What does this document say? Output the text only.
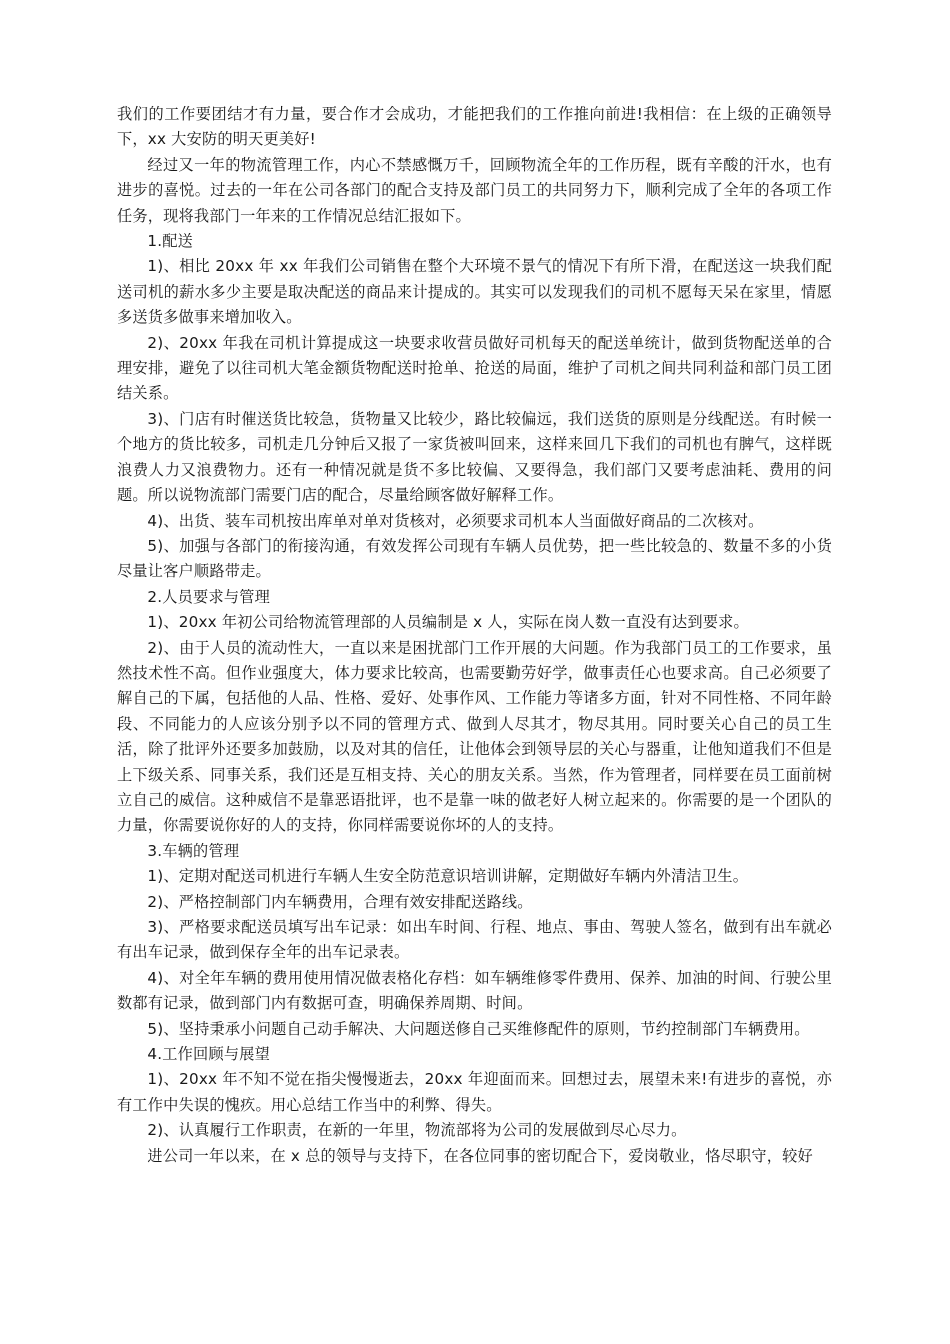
我们的工作要团结才有力量，要合作才会成功，才能把我们的工作推向前进!我相信：在上级的正确领导下，xx 大安防的明天更美好!

经过又一年的物流管理工作，内心不禁感慨万千，回顾物流全年的工作历程，既有辛酸的汗水，也有进步的喜悦。过去的一年在公司各部门的配合支持及部门员工的共同努力下，顺利完成了全年的各项工作任务，现将我部门一年来的工作情况总结汇报如下。

1.配送

1)、相比 20xx 年 xx 年我们公司销售在整个大环境不景气的情况下有所下滑，在配送这一块我们配送司机的薪水多少主要是取决配送的商品来计提成的。其实可以发现我们的司机不愿每天呆在家里，情愿多送货多做事来增加收入。

2)、20xx 年我在司机计算提成这一块要求收营员做好司机每天的配送单统计，做到货物配送单的合理安排，避免了以往司机大笔金额货物配送时抢单、抢送的局面，维护了司机之间共同利益和部门员工团结关系。

3)、门店有时催送货比较急，货物量又比较少，路比较偏远，我们送货的原则是分线配送。有时候一个地方的货比较多，司机走几分钟后又报了一家货被叫回来，这样来回几下我们的司机也有脾气，这样既浪费人力又浪费物力。还有一种情况就是货不多比较偏、又要得急，我们部门又要考虑油耗、费用的问题。所以说物流部门需要门店的配合，尽量给顾客做好解释工作。

4)、出货、装车司机按出库单对单对货核对，必须要求司机本人当面做好商品的二次核对。

5)、加强与各部门的衔接沟通，有效发挥公司现有车辆人员优势，把一些比较急的、数量不多的小货尽量让客户顺路带走。

2.人员要求与管理

1)、20xx 年初公司给物流管理部的人员编制是 x 人，实际在岗人数一直没有达到要求。

2)、由于人员的流动性大，一直以来是困扰部门工作开展的大问题。作为我部门员工的工作要求，虽然技术性不高。但作业强度大，体力要求比较高，也需要勤劳好学，做事责任心也要求高。自己必须要了解自己的下属，包括他的人品、性格、爱好、处事作风、工作能力等诸多方面，针对不同性格、不同年龄段、不同能力的人应该分别予以不同的管理方式、做到人尽其才，物尽其用。同时要关心自己的员工生活，除了批评外还要多加鼓励，以及对其的信任，让他体会到领导层的关心与器重，让他知道我们不但是上下级关系、同事关系，我们还是互相支持、关心的朋友关系。当然，作为管理者，同样要在员工面前树立自己的威信。这种威信不是靠恶语批评，也不是靠一味的做老好人树立起来的。你需要的是一个团队的力量，你需要说你好的人的支持，你同样需要说你坏的人的支持。

3.车辆的管理

1)、定期对配送司机进行车辆人生安全防范意识培训讲解，定期做好车辆内外清洁卫生。

2)、严格控制部门内车辆费用，合理有效安排配送路线。

3)、严格要求配送员填写出车记录：如出车时间、行程、地点、事由、驾驶人签名，做到有出车就必有出车记录，做到保存全年的出车记录表。

4)、对全年车辆的费用使用情况做表格化存档：如车辆维修零件费用、保养、加油的时间、行驶公里数都有记录，做到部门内有数据可查，明确保养周期、时间。

5)、坚持秉承小问题自己动手解决、大问题送修自己买维修配件的原则，节约控制部门车辆费用。

4.工作回顾与展望

1)、20xx 年不知不觉在指尖慢慢逝去，20xx 年迎面而来。回想过去，展望未来!有进步的喜悦，亦有工作中失误的愧疚。用心总结工作当中的利弊、得失。

2)、认真履行工作职责，在新的一年里，物流部将为公司的发展做到尽心尽力。

进公司一年以来，在 x 总的领导与支持下，在各位同事的密切配合下，爱岗敬业，恪尽职守，较好
